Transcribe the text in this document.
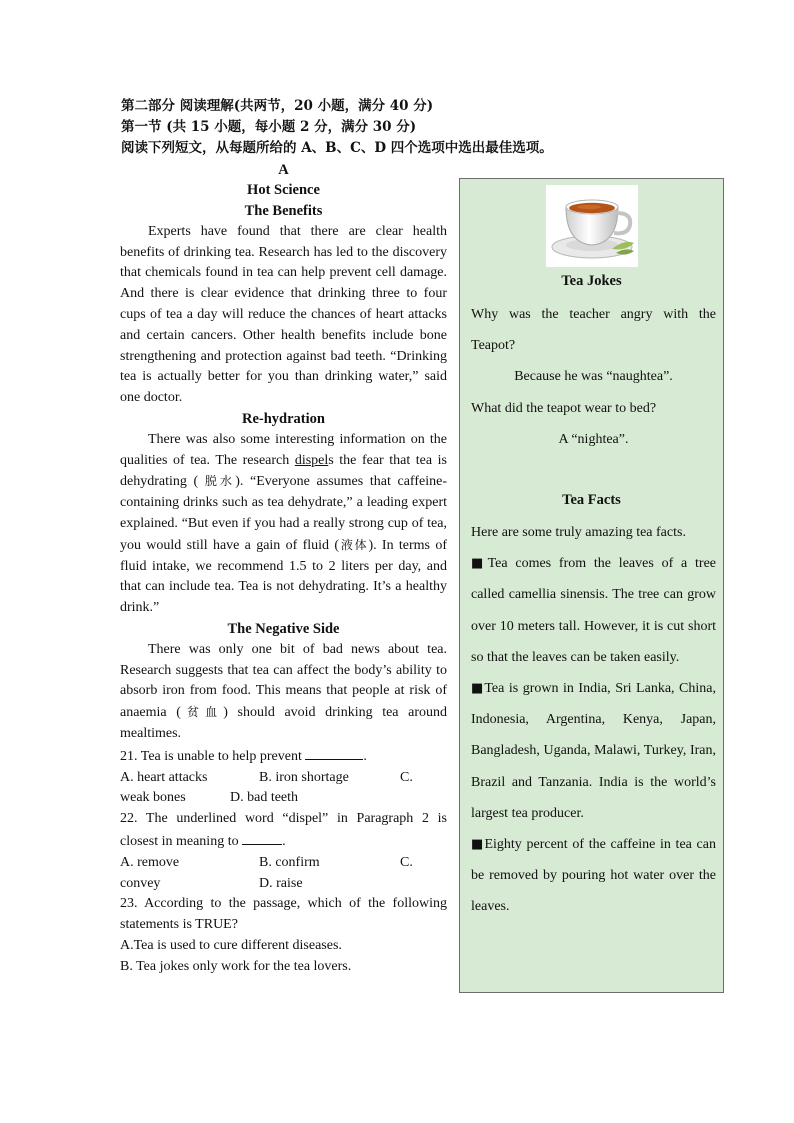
第二部分 阅读理解(共两节，20 小题，满分 40 分)
第一节 (共 15 小题，每小题 2 分，满分 30 分)
阅读下列短文，从每题所给的 A、B、C、D 四个选项中选出最佳选项。
A
Hot Science
The Benefits

Experts have found that there are clear health benefits of drinking tea. Research has led to the discovery that chemicals found in tea can help prevent cell damage. And there is clear evidence that drinking three to four cups of tea a day will reduce the chances of heart attacks and certain cancers. Other health benefits include bone strengthening and protection against bad teeth. “Drinking tea is actually better for you than drinking water,” said one doctor.

Re-hydration

There was also some interesting information on the qualities of tea. The research dispels the fear that tea is dehydrating ( 脱水). “Everyone assumes that caffeine-containing drinks such as tea dehydrate,” a leading expert explained. “But even if you had a really strong cup of tea, you would still have a gain of fluid (液体). In terms of fluid intake, we recommend 1.5 to 2 liters per day, and that can include tea. Tea is not dehydrating. It’s a healthy drink.”

The Negative Side

There was only one bit of bad news about tea. Research suggests that tea can affect the body’s ability to absorb iron from food. This means that people at risk of anaemia (贫血) should avoid drinking tea around mealtimes.

21. Tea is unable to help prevent	.
A. heart attacks	B. iron shortage	C.
weak bones	D. bad teeth
22. The underlined word “dispel” in Paragraph 2 is closest in meaning to	.
A. remove	B. confirm	C.
convey	D. raise
23. According to the passage, which of the following statements is TRUE?
A.Tea is used to cure different diseases.
B. Tea jokes only work for the tea lovers.
Tea Jokes

Why was the teacher angry with the Teapot?

Because he was “naughtea”.

What did the teapot wear to bed?

A “nightea”.

Tea Facts

Here are some truly amazing tea facts.

■Tea comes from the leaves of a tree called camellia sinensis. The tree can grow over 10 meters tall. However, it is cut short so that the leaves can be taken easily.

■Tea is grown in India, Sri Lanka, China, Indonesia, Argentina, Kenya, Japan, Bangladesh, Uganda, Malawi, Turkey, Iran, Brazil and Tanzania. India is the world’s largest tea producer.

■Eighty percent of the caffeine in tea can be removed by pouring hot water over the leaves.
